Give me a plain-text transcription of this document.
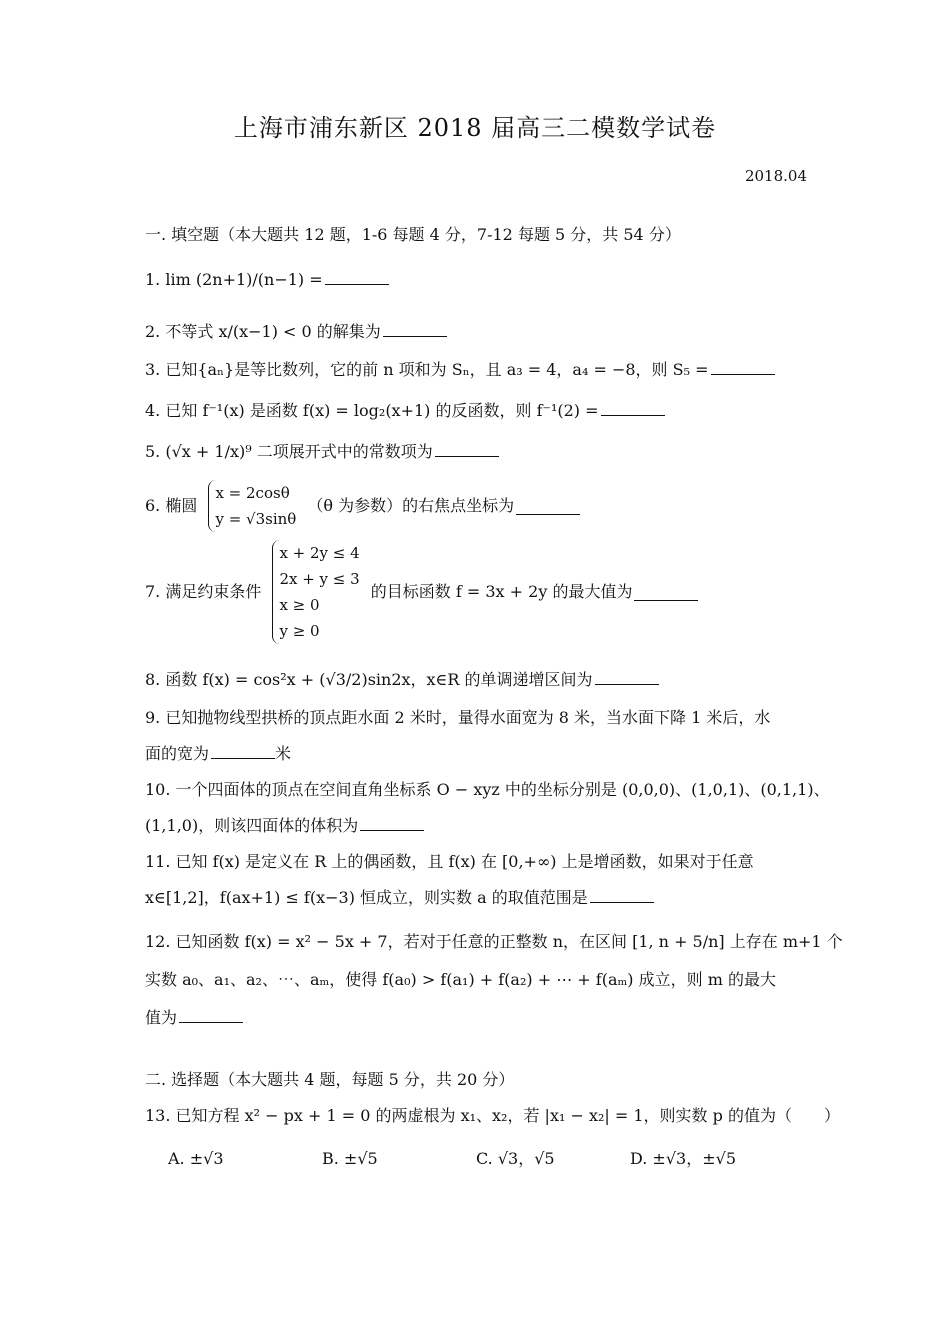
上海市浦东新区 2018 届高三二模数学试卷
2018.04
一. 填空题（本大题共 12 题，1-6 每题 4 分，7-12 每题 5 分，共 54 分）
1. lim (2n+1)/(n−1) =
2. 不等式 x/(x−1) < 0 的解集为
3. 已知{aₙ}是等比数列，它的前 n 项和为 Sₙ，且 a₃ = 4，a₄ = −8，则 S₅ =
4. 已知 f⁻¹(x) 是函数 f(x) = log₂(x+1) 的反函数，则 f⁻¹(2) =
5. (√x + 1/x)⁹ 二项展开式中的常数项为
6. 椭圆
x = 2cosθ
y = √3sinθ
（θ 为参数）的右焦点坐标为
7. 满足约束条件
x + 2y ≤ 4
2x + y ≤ 3
x ≥ 0
y ≥ 0
的目标函数 f = 3x + 2y 的最大值为
8. 函数 f(x) = cos²x + (√3/2)sin2x，x∈R 的单调递增区间为
9. 已知抛物线型拱桥的顶点距水面 2 米时，量得水面宽为 8 米，当水面下降 1 米后，水
面的宽为	米
10. 一个四面体的顶点在空间直角坐标系 O − xyz 中的坐标分别是 (0,0,0)、(1,0,1)、(0,1,1)、
(1,1,0)，则该四面体的体积为
11. 已知 f(x) 是定义在 R 上的偶函数，且 f(x) 在 [0,+∞) 上是增函数，如果对于任意
x∈[1,2]，f(ax+1) ≤ f(x−3) 恒成立，则实数 a 的取值范围是
12. 已知函数 f(x) = x² − 5x + 7，若对于任意的正整数 n，在区间 [1, n + 5/n] 上存在 m+1 个
实数 a₀、a₁、a₂、⋯、aₘ，使得 f(a₀) > f(a₁) + f(a₂) + ⋯ + f(aₘ) 成立，则 m 的最大
值为
二. 选择题（本大题共 4 题，每题 5 分，共 20 分）
13. 已知方程 x² − px + 1 = 0 的两虚根为 x₁、x₂，若 |x₁ − x₂| = 1，则实数 p 的值为（　　）
A. ±√3	B. ±√5	C. √3，√5	D. ±√3，±√5
